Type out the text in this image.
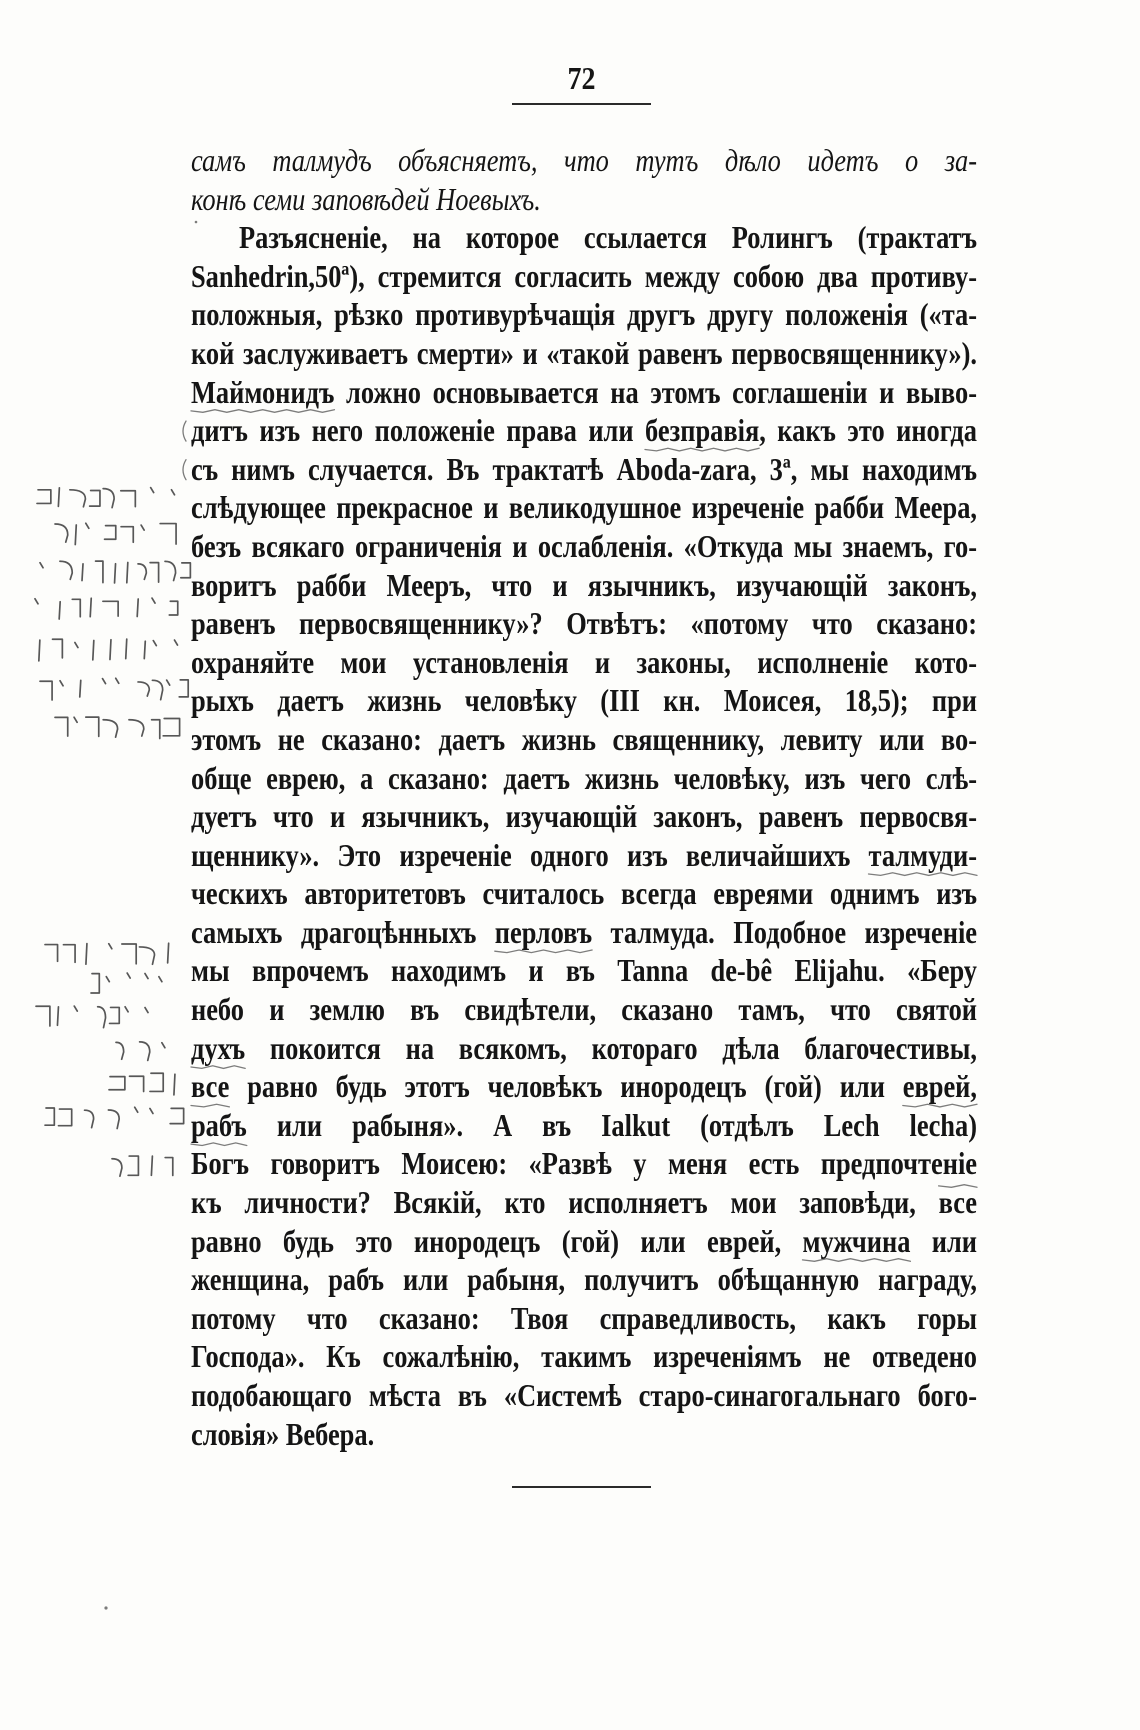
72
самъ талмудъ объясняетъ, что тутъ дѣло идетъ о за-
конѣ семи заповѣдей Ноевыхъ.
Разъясненіе, на которое ссылается Ролингъ (трактатъ
Sanhedrin,50ª), стремится согласить между собою два противу-
положныя, рѣзко противурѣчащія другъ другу положенія («та-
кой заслуживаетъ смерти» и «такой равенъ первосвященнику»).
Маймонидъ ложно основывается на этомъ соглашеніи и выво-
дитъ изъ него положеніе права или безправія, какъ это иногда
съ нимъ случается. Въ трактатѣ Aboda-zara, 3ª, мы находимъ
слѣдующее прекрасное и великодушное изреченіе рабби Меера,
безъ всякаго ограниченія и ослабленія. «Откуда мы знаемъ, го-
воритъ рабби Мееръ, что и язычникъ, изучающій законъ,
равенъ первосвященнику»? Отвѣтъ: «потому что сказано:
охраняйте мои установленія и законы, исполненіе кото-
рыхъ даетъ жизнь человѣку (III кн. Моисея, 18,5); при
этомъ не сказано: даетъ жизнь священнику, левиту или во-
обще еврею, а сказано: даетъ жизнь человѣку, изъ чего слѣ-
дуетъ что и язычникъ, изучающій законъ, равенъ первосвя-
щеннику». Это изреченіе одного изъ величайшихъ талмуди-
ческихъ авторитетовъ считалось всегда евреями однимъ изъ
самыхъ драгоцѣнныхъ перловъ талмуда. Подобное изреченіе
мы впрочемъ находимъ и въ Tanna de-bê Elijahu. «Беру
небо и землю въ свидѣтели, сказано тамъ, что святой
духъ покоится на всякомъ, котораго дѣла благочестивы,
все равно будь этотъ человѣкъ инородецъ (гой) или еврей,
рабъ или рабыня». А въ Ialkut (отдѣлъ Lech lecha)
Богъ говоритъ Моисею: «Развѣ у меня есть предпочтеніе
къ личности? Всякій, кто исполняетъ мои заповѣди, все
равно будь это инородецъ (гой) или еврей, мужчина или
женщина, рабъ или рабыня, получитъ обѣщанную награду,
потому что сказано: Твоя справедливость, какъ горы
Господа». Къ сожалѣнію, такимъ изреченіямъ не отведено
подобающаго мѣста въ «Системѣ старо-синагогальнаго бого-
словія» Вебера.
